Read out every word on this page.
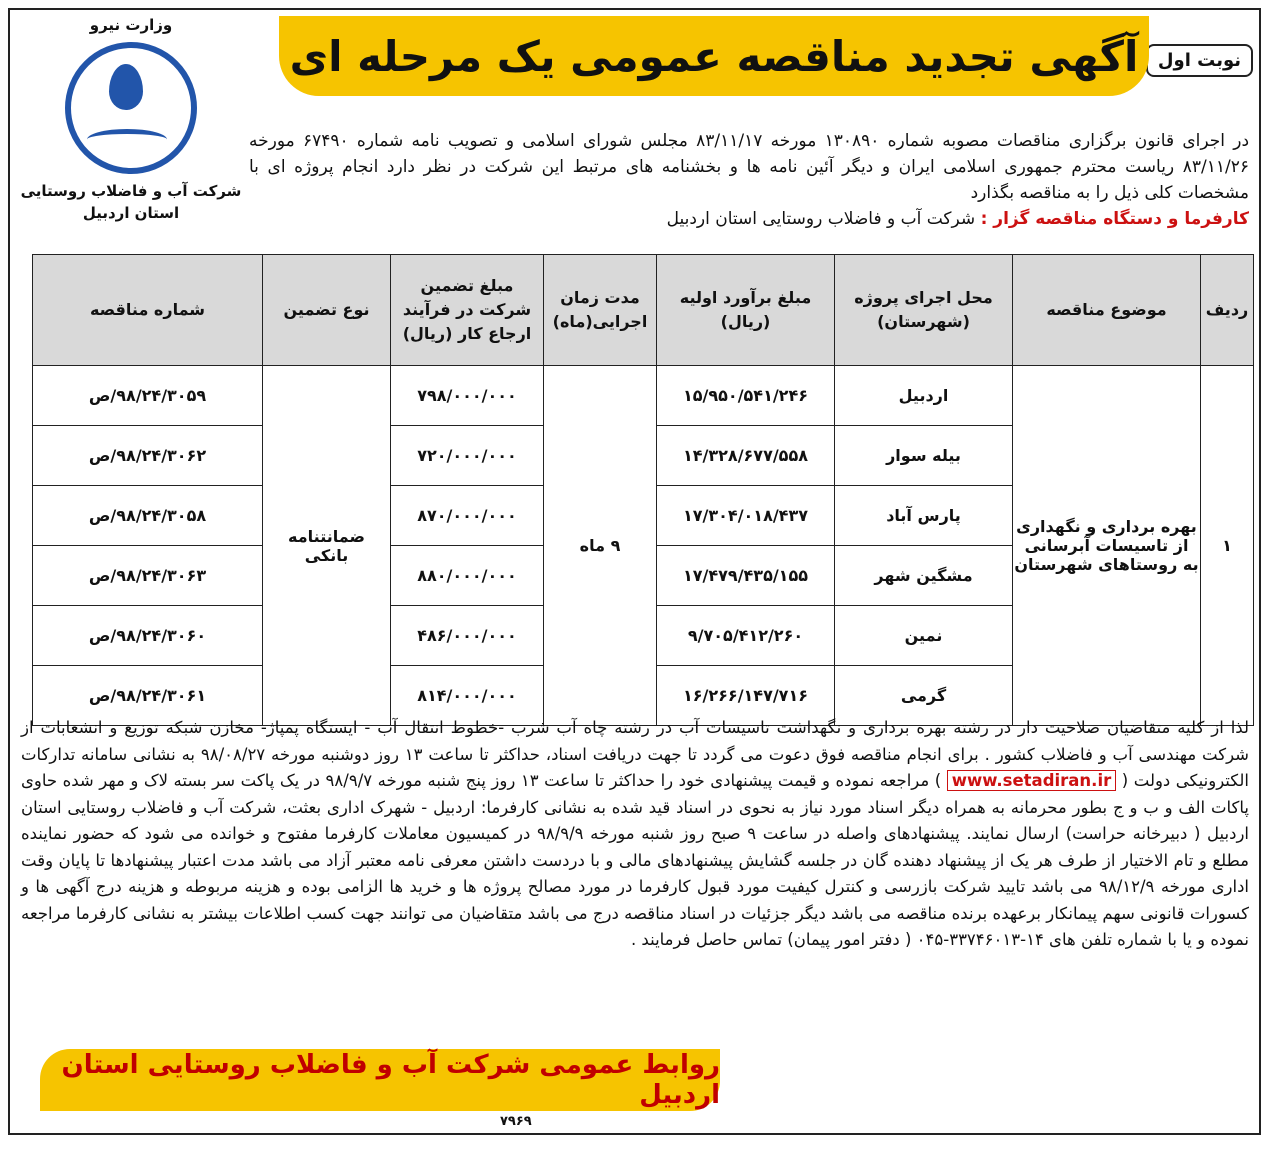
نوبت اول
آگهی تجدید مناقصه عمومی یک مرحله ای
وزارت نیرو
شرکت آب و فاضلاب روستایی
استان اردبیل
در اجرای قانون برگزاری مناقصات مصوبه شماره ۱۳۰۸۹۰ مورخه ۸۳/۱۱/۱۷ مجلس شورای اسلامی و تصویب نامه شماره ۶۷۴۹۰ مورخه ۸۳/۱۱/۲۶ ریاست محترم جمهوری اسلامی ایران و دیگر آئین نامه ها و بخشنامه های مرتبط این شرکت در نظر دارد انجام پروژه ای با مشخصات کلی ذیل را به مناقصه بگذارد
کارفرما و دستگاه مناقصه گزار : شرکت آب و فاضلاب روستایی استان اردبیل
ردیف	موضوع مناقصه	محل اجرای پروژه (شهرستان)	مبلغ برآورد اولیه (ریال)	مدت زمان اجرایی(ماه)	مبلغ تضمین شرکت در فرآیند ارجاع کار (ریال)	نوع تضمین	شماره مناقصه
۱	بهره برداری و نگهداری از تاسیسات آبرسانی به روستاهای شهرستان	اردبیل	۱۵/۹۵۰/۵۴۱/۲۴۶	۹ ماه	۷۹۸/۰۰۰/۰۰۰	ضمانتنامه بانکی	۹۸/۲۴/۳۰۵۹/ص
		بیله سوار	۱۴/۳۲۸/۶۷۷/۵۵۸		۷۲۰/۰۰۰/۰۰۰		۹۸/۲۴/۳۰۶۲/ص
		پارس آباد	۱۷/۳۰۴/۰۱۸/۴۳۷		۸۷۰/۰۰۰/۰۰۰		۹۸/۲۴/۳۰۵۸/ص
		مشگین شهر	۱۷/۴۷۹/۴۳۵/۱۵۵		۸۸۰/۰۰۰/۰۰۰		۹۸/۲۴/۳۰۶۳/ص
		نمین	۹/۷۰۵/۴۱۲/۲۶۰		۴۸۶/۰۰۰/۰۰۰		۹۸/۲۴/۳۰۶۰/ص
		گرمی	۱۶/۲۶۶/۱۴۷/۷۱۶		۸۱۴/۰۰۰/۰۰۰		۹۸/۲۴/۳۰۶۱/ص
لذا از کلیه متقاضیان صلاحیت دار در رشته بهره برداری و نگهداشت تاسیسات آب در رشته چاه آب شرب -خطوط انتقال آب - ایستگاه پمپاژ- مخازن شبکه توزیع و انشعابات از شرکت مهندسی آب و فاضلاب کشور . برای انجام مناقصه فوق دعوت می گردد تا جهت دریافت اسناد، حداکثر تا ساعت ۱۳ روز دوشنبه مورخه ۹۸/۰۸/۲۷ به نشانی سامانه تدارکات الکترونیکی دولت ( www.setadiran.ir ) مراجعه نموده و قیمت پیشنهادی خود را حداکثر تا ساعت ۱۳ روز پنج شنبه مورخه ۹۸/۹/۷ در یک پاکت سر بسته لاک و مهر شده حاوی پاکات الف و ب و ج بطور محرمانه به همراه دیگر اسناد مورد نیاز به نحوی در اسناد قید شده به نشانی کارفرما: اردبیل - شهرک اداری بعثت، شرکت آب و فاضلاب روستایی استان اردبیل ( دبیرخانه حراست) ارسال نمایند. پیشنهادهای واصله در ساعت ۹ صبح روز شنبه مورخه ۹۸/۹/۹ در کمیسیون معاملات کارفرما مفتوح و خوانده می شود که حضور نماینده مطلع و تام الاختیار از طرف هر یک از پیشنهاد دهنده گان در جلسه گشایش پیشنهادهای مالی و با دردست داشتن معرفی نامه معتبر آزاد می باشد مدت اعتبار پیشنهادها تا پایان وقت اداری مورخه ۹۸/۱۲/۹ می باشد تایید شرکت بازرسی و کنترل کیفیت مورد قبول کارفرما در مورد مصالح پروژه ها و خرید ها الزامی بوده و هزینه مربوطه و هزینه درج آگهی ها و کسورات قانونی سهم پیمانکار برعهده برنده مناقصه می باشد دیگر جزئیات در اسناد مناقصه درج می باشد متقاضیان می توانند جهت کسب اطلاعات بیشتر به نشانی کارفرما مراجعه نموده و یا با شماره تلفن های ۱۴-۳۳۷۴۶۰۱۳-۰۴۵ ( دفتر امور پیمان) تماس حاصل فرمایند .
روابط عمومی شرکت آب و فاضلاب روستایی استان اردبیل
۷۹۶۹
